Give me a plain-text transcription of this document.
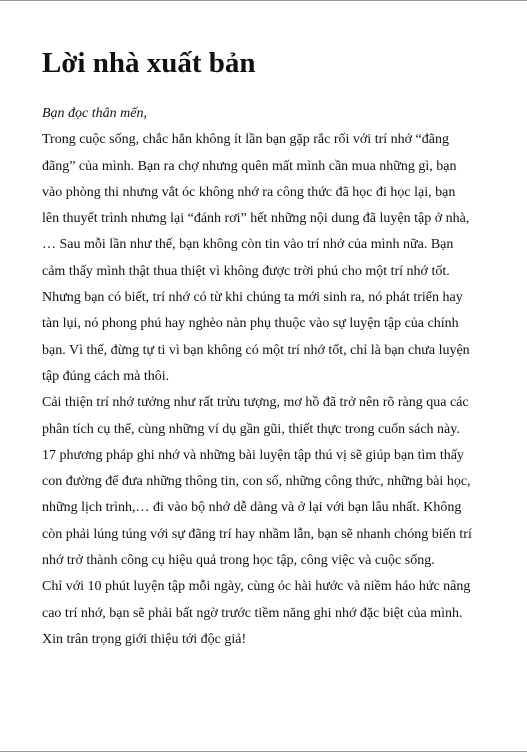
Lời nhà xuất bản
Bạn đọc thân mến,
Trong cuộc sống, chắc hẳn không ít lần bạn gặp rắc rối với trí nhớ “đãng
đãng” của mình. Bạn ra chợ nhưng quên mất mình cần mua những gì, bạn
vào phòng thi nhưng vắt óc không nhớ ra công thức đã học đi học lại, bạn
lên thuyết trình nhưng lại “đánh rơi” hết những nội dung đã luyện tập ở nhà,
… Sau mỗi lần như thế, bạn không còn tin vào trí nhớ của mình nữa. Bạn
cảm thấy mình thật thua thiệt vì không được trời phú cho một trí nhớ tốt.
Nhưng bạn có biết, trí nhớ có từ khi chúng ta mới sinh ra, nó phát triển hay
tàn lụi, nó phong phú hay nghèo nàn phụ thuộc vào sự luyện tập của chính
bạn. Vì thế, đừng tự ti vì bạn không có một trí nhớ tốt, chỉ là bạn chưa luyện
tập đúng cách mà thôi.
Cải thiện trí nhớ tưởng như rất trừu tượng, mơ hồ đã trở nên rõ ràng qua các
phân tích cụ thể, cùng những ví dụ gần gũi, thiết thực trong cuốn sách này.
17 phương pháp ghi nhớ và những bài luyện tập thú vị sẽ giúp bạn tìm thấy
con đường để đưa những thông tin, con số, những công thức, những bài học,
những lịch trình,… đi vào bộ nhớ dễ dàng và ở lại với bạn lâu nhất. Không
còn phải lúng túng với sự đãng trí hay nhầm lẫn, bạn sẽ nhanh chóng biến trí
nhớ trở thành công cụ hiệu quả trong học tập, công việc và cuộc sống.
Chỉ với 10 phút luyện tập mỗi ngày, cùng óc hài hước và niềm háo hức nâng
cao trí nhớ, bạn sẽ phải bất ngờ trước tiềm năng ghi nhớ đặc biệt của mình.
Xin trân trọng giới thiệu tới độc giả!
